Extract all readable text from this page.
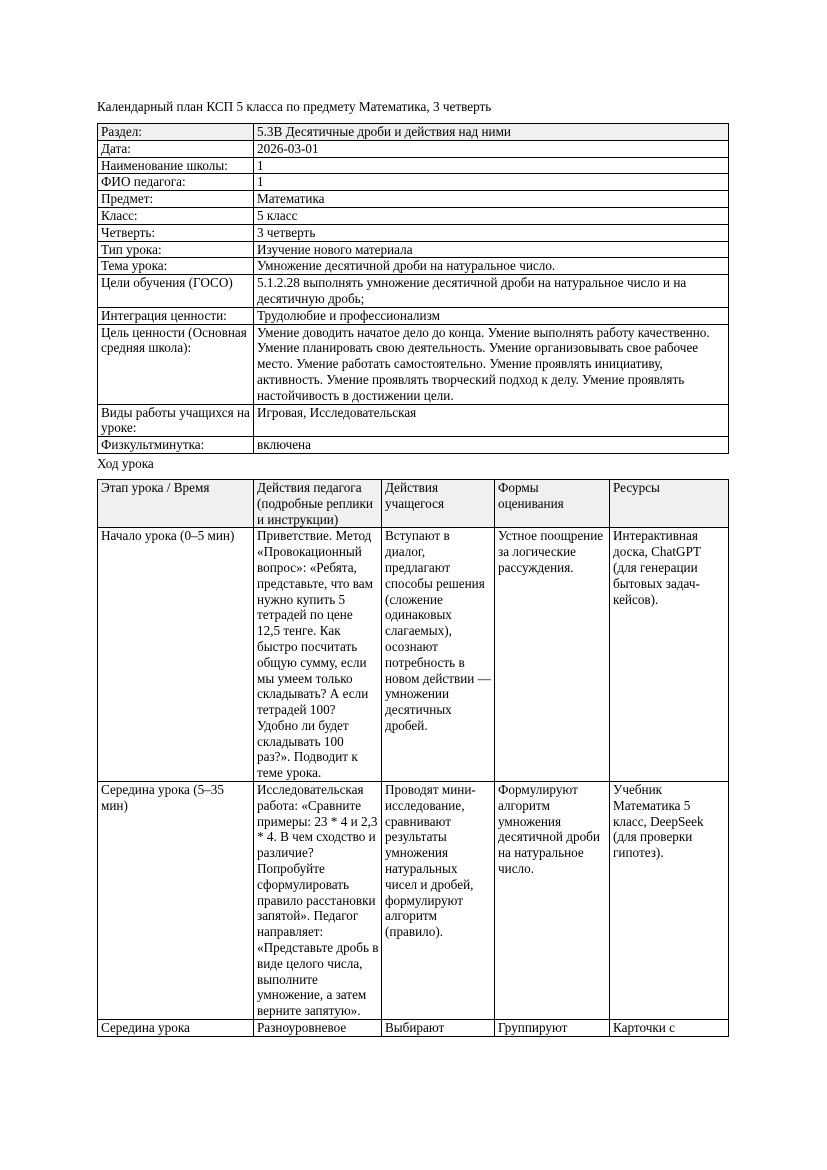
Календарный план КСП 5 класса по предмету Математика, 3 четверть

Раздел:	5.3B Десятичные дроби и действия над ними
Дата:	2026-03-01
Наименование школы:	1
ФИО педагога:	1
Предмет:	Математика
Класс:	5 класс
Четверть:	3 четверть
Тип урока:	Изучение нового материала
Тема урока:	Умножение десятичной дроби на натуральное число.
Цели обучения (ГОСО)	5.1.2.28 выполнять умножение десятичной дроби на натуральное число и на десятичную дробь;
Интеграция ценности:	Трудолюбие и профессионализм
Цель ценности (Основная средняя школа):	Умение доводить начатое дело до конца. Умение выполнять работу качественно. Умение планировать свою деятельность. Умение организовывать свое рабочее место. Умение работать самостоятельно. Умение проявлять инициативу, активность. Умение проявлять творческий подход к делу. Умение проявлять настойчивость в достижении цели.
Виды работы учащихся на уроке:	Игровая, Исследовательская
Физкультминутка:	включена

Ход урока

Этап урока / Время	Действия педагога (подробные реплики и инструкции)	Действия учащегося	Формы оценивания	Ресурсы

Начало урока (0–5 мин)	Приветствие. Метод «Провокационный вопрос»: «Ребята, представьте, что вам нужно купить 5 тетрадей по цене 12,5 тенге. Как быстро посчитать общую сумму, если мы умеем только складывать? А если тетрадей 100? Удобно ли будет складывать 100 раз?». Подводит к теме урока.	Вступают в диалог, предлагают способы решения (сложение одинаковых слагаемых), осознают потребность в новом действии — умножении десятичных дробей.	Устное поощрение за логические рассуждения.	Интерактивная доска, ChatGPT (для генерации бытовых задач-кейсов).

Середина урока (5–35 мин)	Исследовательская работа: «Сравните примеры: 23 * 4 и 2,3 * 4. В чем сходство и различие? Попробуйте сформулировать правило расстановки запятой». Педагог направляет: «Представьте дробь в виде целого числа, выполните умножение, а затем верните запятую».	Проводят мини-исследование, сравнивают результаты умножения натуральных чисел и дробей, формулируют алгоритм (правило).	Формулируют алгоритм умножения десятичной дроби на натуральное число.	Учебник Математика 5 класс, DeepSeek (для проверки гипотез).

Середина урока	Разноуровневое	Выбирают	Группируют	Карточки с
